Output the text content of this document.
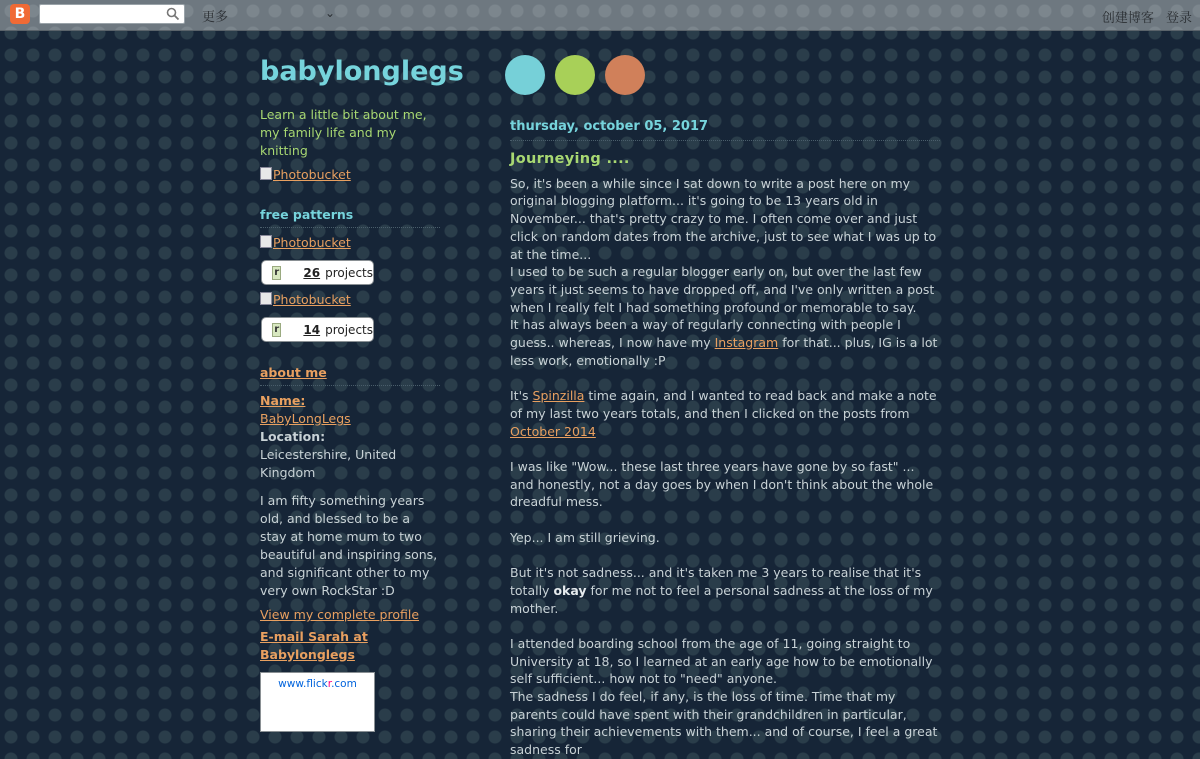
B	更多	⌄	创建博客 登录
babylonglegs

Learn a little bit about me, my family life and my knitting

Photobucket
free patterns
Photobucket
r 26 projects
Photobucket
r 14 projects
about me
Name:
BabyLongLegs
Location:
Leicestershire, United Kingdom

I am fifty something years old, and blessed to be a stay at home mum to two beautiful and inspiring sons, and significant other to my very own RockStar :D

View my complete profile
E-mail Sarah at Babylonglegs
www.flickr.com
thursday, october 05, 2017
Journeying ....

So, it's been a while since I sat down to write a post here on my original blogging platform... it's going to be 13 years old in November... that's pretty crazy to me. I often come over and just click on random dates from the archive, just to see what I was up to at the time...

I used to be such a regular blogger early on, but over the last few years it just seems to have dropped off, and I've only written a post when I really felt I had something profound or memorable to say.

It has always been a way of regularly connecting with people I guess.. whereas, I now have my Instagram for that... plus, IG is a lot less work, emotionally :P

It's Spinzilla time again, and I wanted to read back and make a note of my last two years totals, and then I clicked on the posts from October 2014

I was like "Wow... these last three years have gone by so fast" ... and honestly, not a day goes by when I don't think about the whole dreadful mess.

Yep... I am still grieving.

But it's not sadness... and it's taken me 3 years to realise that it's totally okay for me not to feel a personal sadness at the loss of my mother.

I attended boarding school from the age of 11, going straight to University at 18, so I learned at an early age how to be emotionally self sufficient... how not to "need" anyone.

The sadness I do feel, if any, is the loss of time. Time that my parents could have spent with their grandchildren in particular, sharing their achievements with them... and of course, I feel a great sadness for
